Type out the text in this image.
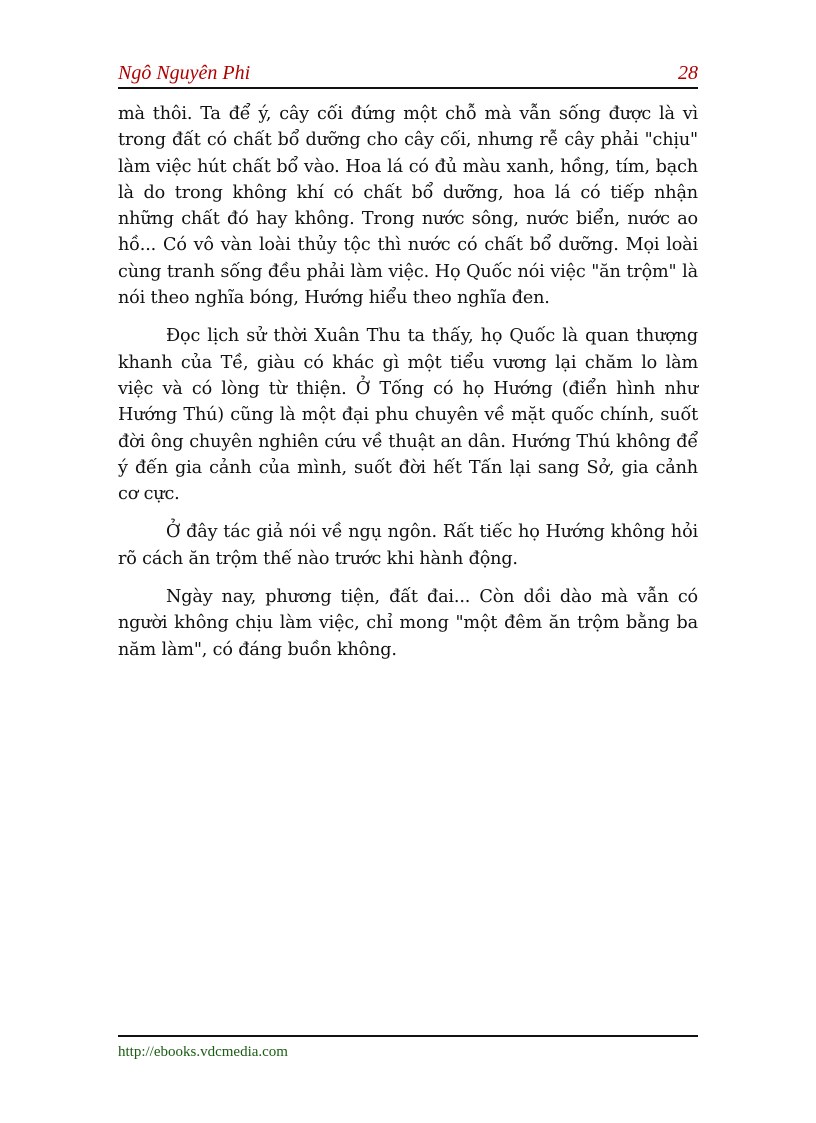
Ngô Nguyên Phi	28

mà thôi. Ta để ý, cây cối đứng một chỗ mà vẫn sống được là vì trong đất có chất bổ dưỡng cho cây cối, nhưng rễ cây phải "chịu" làm việc hút chất bổ vào. Hoa lá có đủ màu xanh, hồng, tím, bạch là do trong không khí có chất bổ dưỡng, hoa lá có tiếp nhận những chất đó hay không. Trong nước sông, nước biển, nước ao hồ... Có vô vàn loài thủy tộc thì nước có chất bổ dưỡng. Mọi loài cùng tranh sống đều phải làm việc. Họ Quốc nói việc "ăn trộm" là nói theo nghĩa bóng, Hướng hiểu theo nghĩa đen.

Đọc lịch sử thời Xuân Thu ta thấy, họ Quốc là quan thượng khanh của Tề, giàu có khác gì một tiểu vương lại chăm lo làm việc và có lòng từ thiện. Ở Tống có họ Hướng (điển hình như Hướng Thú) cũng là một đại phu chuyên về mặt quốc chính, suốt đời ông chuyên nghiên cứu về thuật an dân. Hướng Thú không để ý đến gia cảnh của mình, suốt đời hết Tấn lại sang Sở, gia cảnh cơ cực.

Ở đây tác giả nói về ngụ ngôn. Rất tiếc họ Hướng không hỏi rõ cách ăn trộm thế nào trước khi hành động.

Ngày nay, phương tiện, đất đai... Còn dồi dào mà vẫn có người không chịu làm việc, chỉ mong "một đêm ăn trộm bằng ba năm làm", có đáng buồn không.

http://ebooks.vdcmedia.com
